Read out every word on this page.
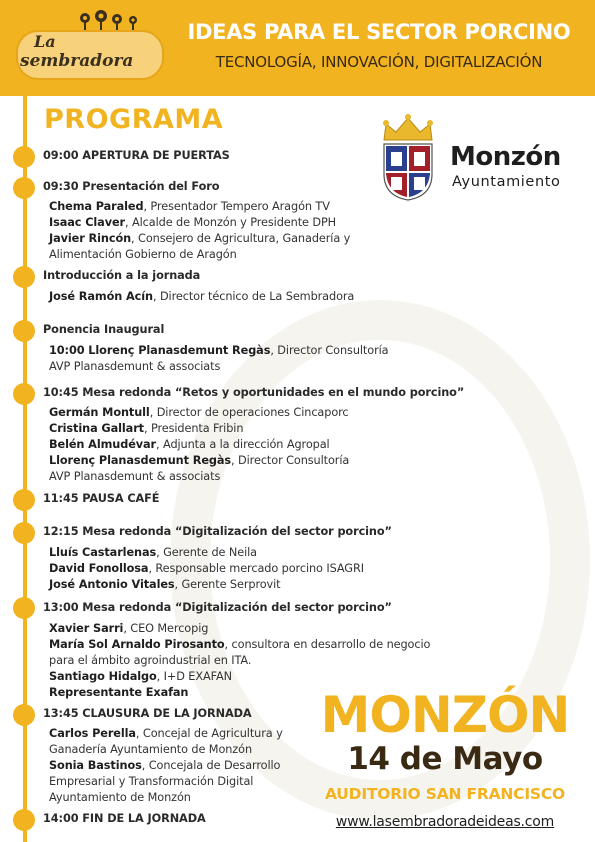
La
sembradora
IDEAS PARA EL SECTOR PORCINO
TECNOLOGÍA, INNOVACIÓN, DIGITALIZACIÓN
PROGRAMA
Monzón
Ayuntamiento
09:00 APERTURA DE PUERTAS
09:30 Presentación del Foro
Chema Paraled, Presentador Tempero Aragón TV
Isaac Claver, Alcalde de Monzón y Presidente DPH
Javier Rincón, Consejero de Agricultura, Ganadería y
Alimentación Gobierno de Aragón
Introducción a la jornada
José Ramón Acín, Director técnico de La Sembradora
Ponencia Inaugural
10:00 Llorenç Planasdemunt Regàs, Director Consultoría
AVP Planasdemunt & associats
10:45 Mesa redonda “Retos y oportunidades en el mundo porcino”
Germán Montull, Director de operaciones Cincaporc
Cristina Gallart, Presidenta Fribin
Belén Almudévar, Adjunta a la dirección Agropal
Llorenç Planasdemunt Regàs, Director Consultoría
AVP Planasdemunt & associats
11:45 PAUSA CAFÉ
12:15 Mesa redonda “Digitalización del sector porcino”
Lluís Castarlenas, Gerente de Neila
David Fonollosa, Responsable mercado porcino ISAGRI
José Antonio Vitales, Gerente Serprovit
13:00 Mesa redonda “Digitalización del sector porcino”
Xavier Sarri, CEO Mercopig
María Sol Arnaldo Pirosanto, consultora en desarrollo de negocio
para el ámbito agroindustrial en ITA.
Santiago Hidalgo, I+D EXAFAN
Representante Exafan
13:45 CLAUSURA DE LA JORNADA
Carlos Perella, Concejal de Agricultura y
Ganadería Ayuntamiento de Monzón
Sonia Bastinos, Concejala de Desarrollo
Empresarial y Transformación Digital
Ayuntamiento de Monzón
14:00 FIN DE LA JORNADA
MONZÓN
14 de Mayo
AUDITORIO SAN FRANCISCO
www.lasembradoradeideas.com
